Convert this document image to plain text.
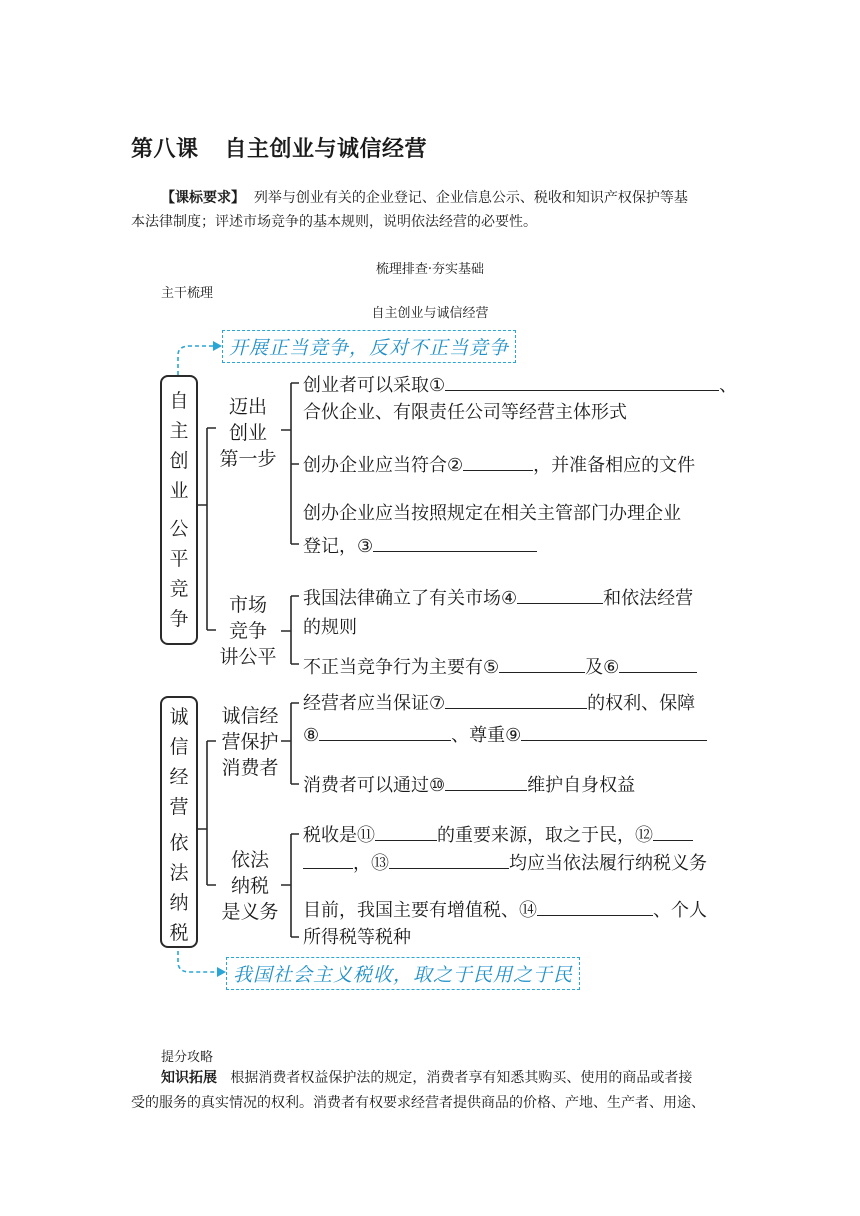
第八课 自主创业与诚信经营
【课标要求】 列举与创业有关的企业登记、企业信息公示、税收和知识产权保护等基
本法律制度；评述市场竞争的基本规则，说明依法经营的必要性。
梳理排查·夯实基础
主干梳理
自主创业与诚信经营
开展正当竞争，反对不正当竞争
我国社会主义税收，取之于民用之于民
自
主
创
业
公
平
竞
争
诚
信
经
营
依
法
纳
税
迈出
创业
第一步
市场
竞争
讲公平
诚信经
营保护
消费者
依法
纳税
是义务
创业者可以采取①	、
合伙企业、有限责任公司等经营主体形式
创办企业应当符合②	，并准备相应的文件
创办企业应当按照规定在相关主管部门办理企业
登记，③
我国法律确立了有关市场④	和依法经营
的规则
不正当竞争行为主要有⑤	及⑥
经营者应当保证⑦	的权利、保障
⑧	、尊重⑨
消费者可以通过⑩	维护自身权益
税收是⑪	的重要来源，取之于民，⑫
，⑬	均应当依法履行纳税义务
目前，我国主要有增值税、⑭	、个人
所得税等税种
提分攻略
知识拓展 根据消费者权益保护法的规定，消费者享有知悉其购买、使用的商品或者接
受的服务的真实情况的权利。消费者有权要求经营者提供商品的价格、产地、生产者、用途、
